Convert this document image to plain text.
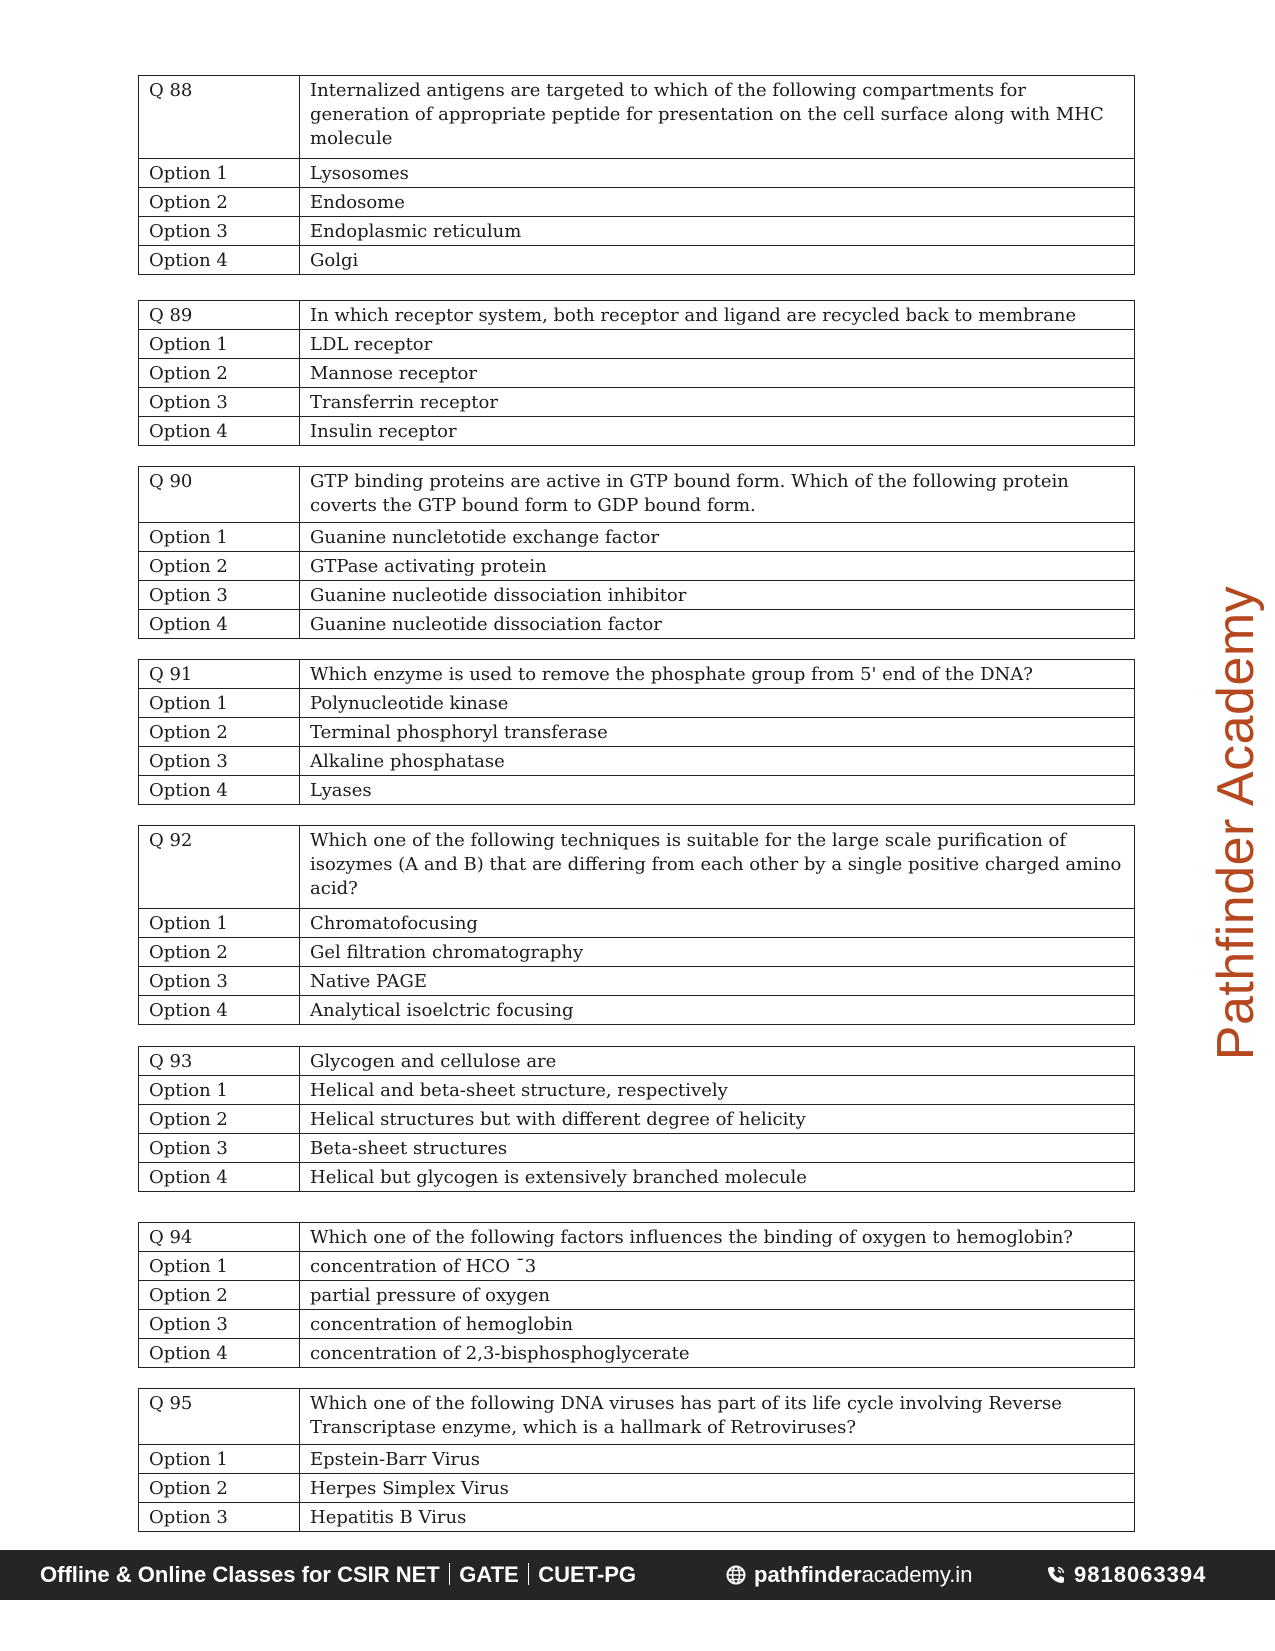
Q 88	Internalized antigens are targeted to which of the following compartments for generation of appropriate peptide for presentation on the cell surface along with MHC molecule
Option 1	Lysosomes
Option 2	Endosome
Option 3	Endoplasmic reticulum
Option 4	Golgi
Q 89	In which receptor system, both receptor and ligand are recycled back to membrane
Option 1	LDL receptor
Option 2	Mannose receptor
Option 3	Transferrin receptor
Option 4	Insulin receptor
Q 90	GTP binding proteins are active in GTP bound form. Which of the following protein coverts the GTP bound form to GDP bound form.
Option 1	Guanine nuncletotide exchange factor
Option 2	GTPase activating protein
Option 3	Guanine nucleotide dissociation inhibitor
Option 4	Guanine nucleotide dissociation factor
Q 91	Which enzyme is used to remove the phosphate group from 5' end of the DNA?
Option 1	Polynucleotide kinase
Option 2	Terminal phosphoryl transferase
Option 3	Alkaline phosphatase
Option 4	Lyases
Q 92	Which one of the following techniques is suitable for the large scale purification of isozymes (A and B) that are differing from each other by a single positive charged amino acid?
Option 1	Chromatofocusing
Option 2	Gel filtration chromatography
Option 3	Native PAGE
Option 4	Analytical isoelctric focusing
Q 93	Glycogen and cellulose are
Option 1	Helical and beta-sheet structure, respectively
Option 2	Helical structures but with different degree of helicity
Option 3	Beta-sheet structures
Option 4	Helical but glycogen is extensively branched molecule
Q 94	Which one of the following factors influences the binding of oxygen to hemoglobin?
Option 1	concentration of HCO ¯3
Option 2	partial pressure of oxygen
Option 3	concentration of hemoglobin
Option 4	concentration of 2,3-bisphosphoglycerate
Q 95	Which one of the following DNA viruses has part of its life cycle involving Reverse Transcriptase enzyme, which is a hallmark of Retroviruses?
Option 1	Epstein-Barr Virus
Option 2	Herpes Simplex Virus
Option 3	Hepatitis B Virus
Pathfinder Academy
Offline & Online Classes for CSIR NET GATE CUET-PG	pathfinderacademy.in	9818063394
